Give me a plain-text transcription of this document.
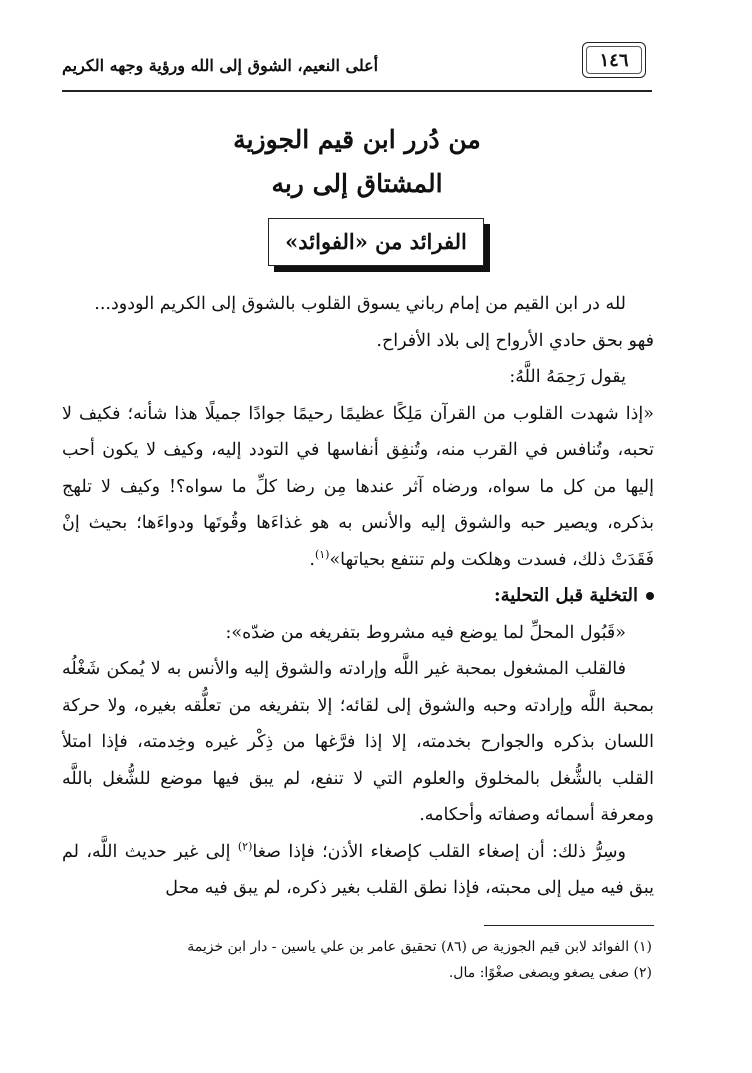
١٤٦
أعلى النعيم، الشوق إلى الله ورؤية وجهه الكريم

من دُرر ابن قيم الجوزية

المشتاق إلى ربه

الفرائد من «الفوائد»

لله در ابن القيم من إمام رباني يسوق القلوب بالشوق إلى الكريم الودود...

فهو بحق حادي الأرواح إلى بلاد الأفراح.

يقول رَحِمَهُ اللَّهُ:

«إذا شهدت القلوب من القرآن مَلِكًا عظيمًا رحيمًا جوادًا جميلًا هذا شأنه؛ فكيف لا تحبه، وتُنافس في القرب منه، وتُنفِق أنفاسها في التودد إليه، وكيف لا يكون أحب إليها من كل ما سواه، ورضاه آثر عندها مِن رضا كلِّ ما سواه؟! وكيف لا تلهج بذكره، ويصير حبه والشوق إليه والأنس به هو غذاءَها وقُوتَها ودواءَها؛ بحيث إنْ فَقَدَتْ ذلك، فسدت وهلكت ولم تنتفع بحياتها»$^{(١)}$.

التخلية قبل التحلية:

«قَبُول المحلِّ لما يوضع فيه مشروط بتفريغه من ضدّه»:

فالقلب المشغول بمحبة غير اللَّه وإرادته والشوق إليه والأنس به لا يُمكن شَغْلُه بمحبة اللَّه وإرادته وحبه والشوق إلى لقائه؛ إلا بتفريغه من تعلُّقه بغيره، ولا حركة اللسان بذكره والجوارح بخدمته، إلا إذا فرَّغها من ذِكْر غيره وخِدمته، فإذا امتلأ القلب بالشُّغل بالمخلوق والعلوم التي لا تنفع، لم يبق فيها موضع للشُّغل باللَّه ومعرفة أسمائه وصفاته وأحكامه.

وسِرُّ ذلك: أن إصغاء القلب كإصغاء الأذن؛ فإذا صغا$^{(٢)}$ إلى غير حديث اللَّه، لم يبق فيه ميل إلى محبته، فإذا نطق القلب بغير ذكره، لم يبق فيه محل

(١) الفوائد لابن قيم الجوزية ص (٨٦) تحقيق عامر بن علي ياسين - دار ابن خزيمة

(٢) صغى يصغو ويصغى صغْوًا: مال.
